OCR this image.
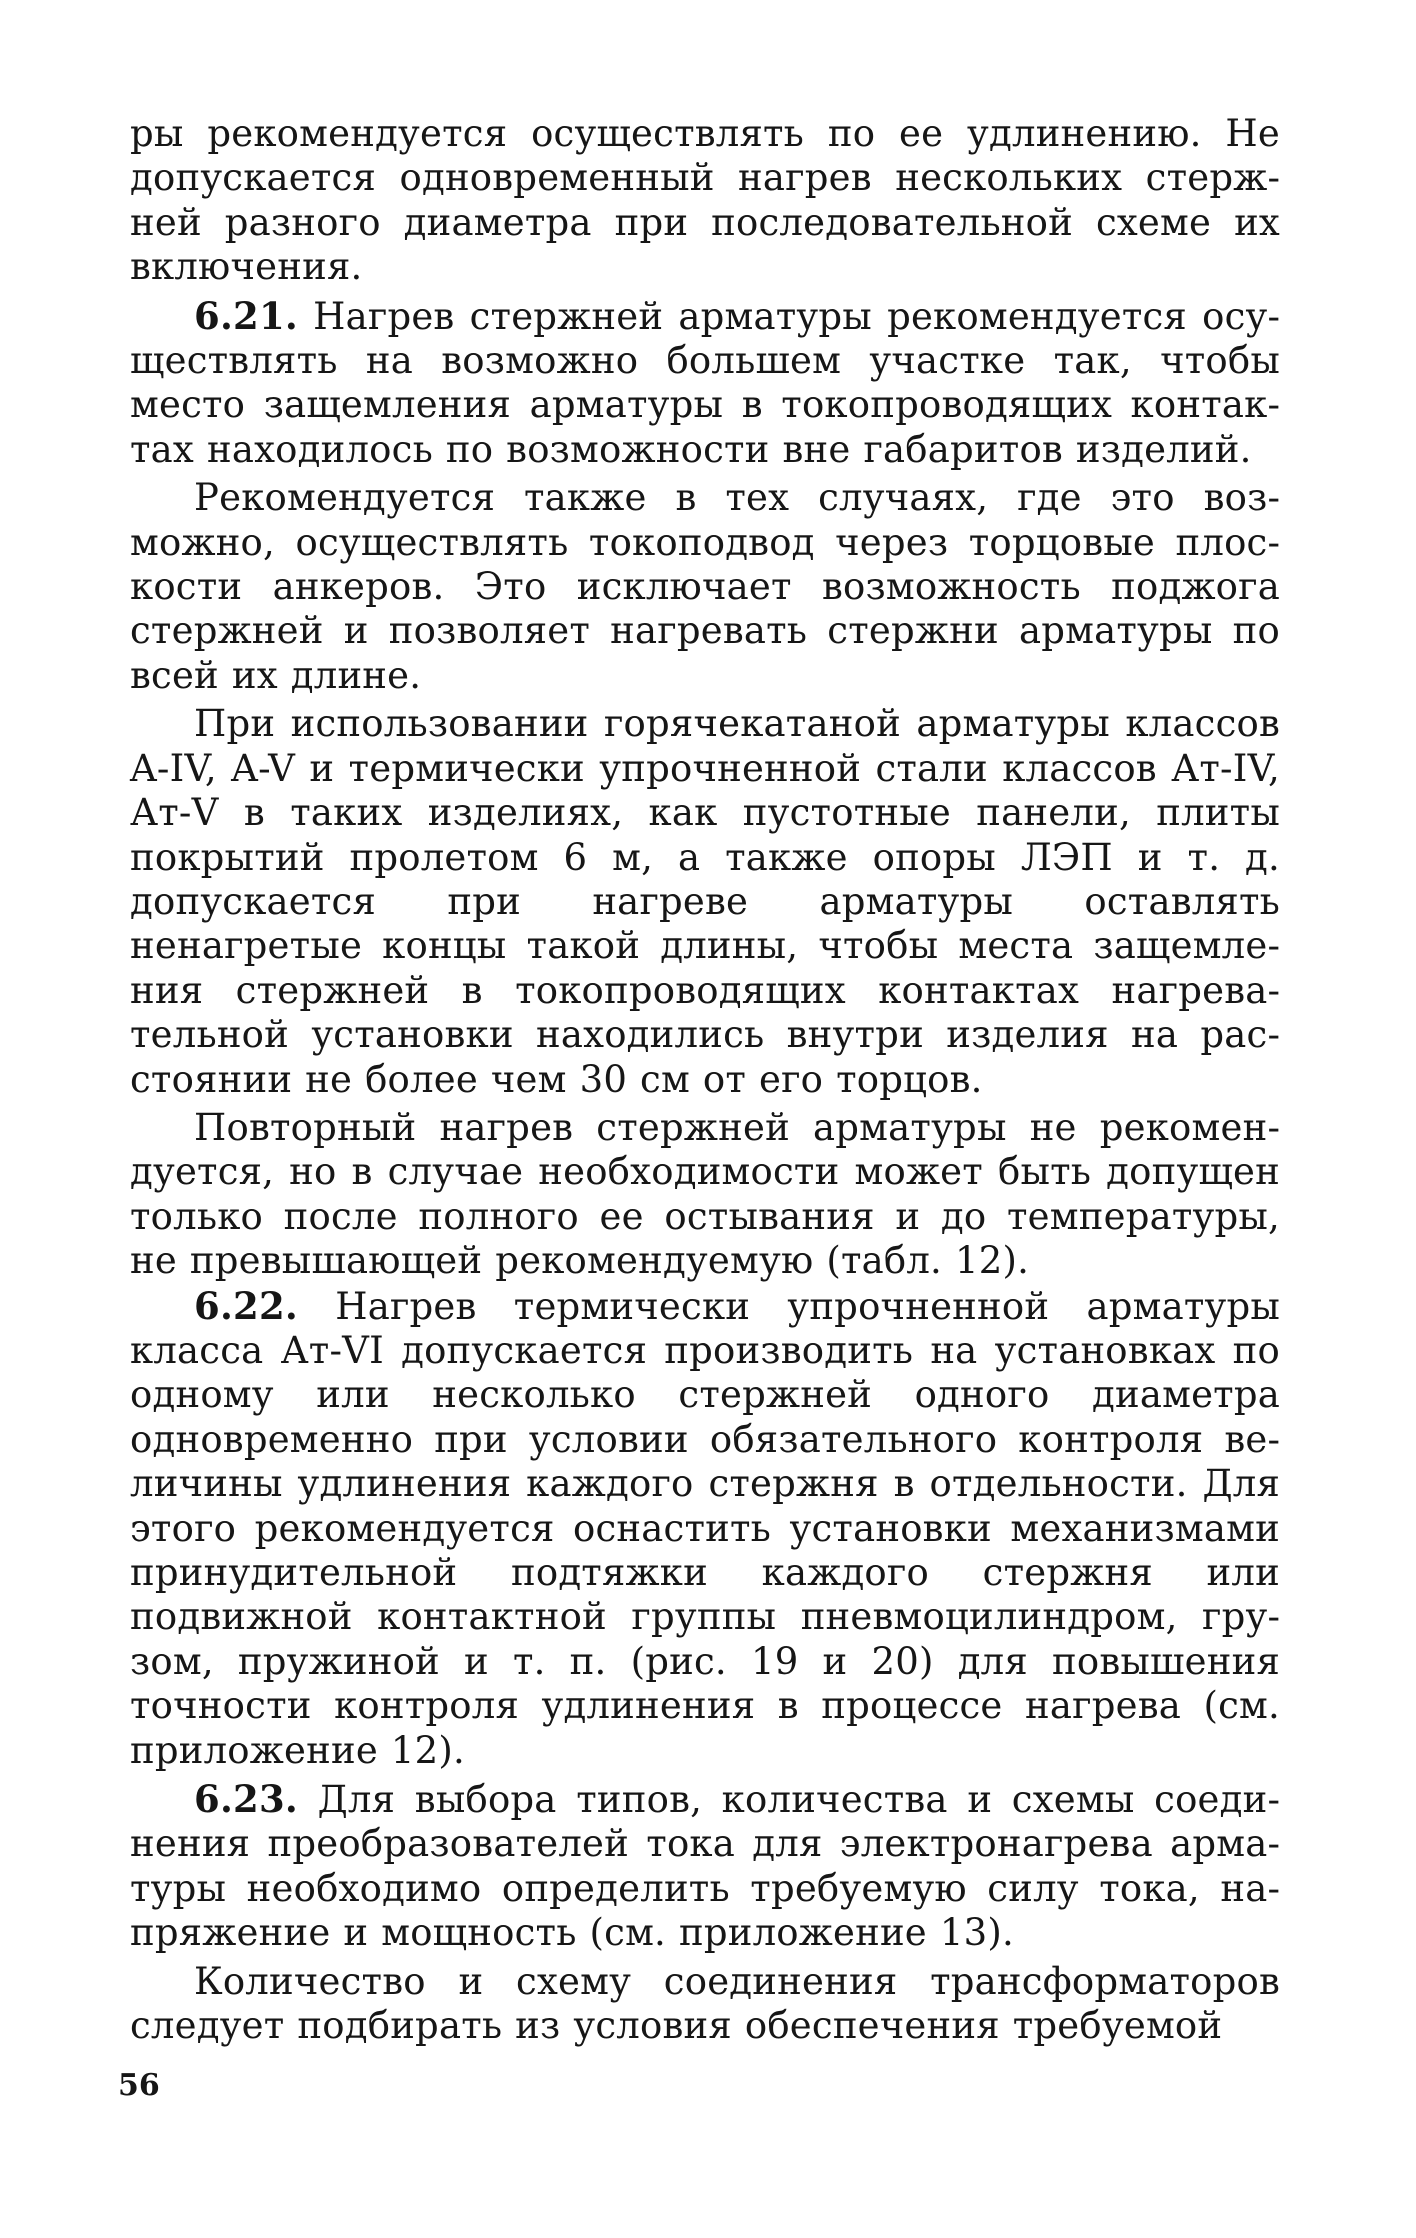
ры рекомендуется осуществлять по ее удлинению. Не допускается одновременный нагрев нескольких стержней разного диаметра при последовательной схеме их включения.

6.21. Нагрев стержней арматуры рекомендуется осуществлять на возможно большем участке так, чтобы место защемления арматуры в токопроводящих контактах находилось по возможности вне габаритов изделий.

Рекомендуется также в тех случаях, где это возможно, осуществлять токоподвод через торцовые плоскости анкеров. Это исключает возможность поджога стержней и позволяет нагревать стержни арматуры по всей их длине.

При использовании горячекатаной арматуры классов A-IV, A-V и термически упрочненной стали классов Ат-IV, Ат-V в таких изделиях, как пустотные панели, плиты покрытий пролетом 6 м, а также опоры ЛЭП и т. д. допускается при нагреве арматуры оставлять ненагретые концы такой длины, чтобы места защемления стержней в токопроводящих контактах нагревательной установки находились внутри изделия на расстоянии не более чем 30 см от его торцов.

Повторный нагрев стержней арматуры не рекомендуется, но в случае необходимости может быть допущен только после полного ее остывания и до температуры, не превышающей рекомендуемую (табл. 12).

6.22. Нагрев термически упрочненной арматуры класса Ат-VI допускается производить на установках по одному или несколько стержней одного диаметра одновременно при условии обязательного контроля величины удлинения каждого стержня в отдельности. Для этого рекомендуется оснастить установки механизмами принудительной подтяжки каждого стержня или подвижной контактной группы пневмоцилиндром, грузом, пружиной и т. п. (рис. 19 и 20) для повышения точности контроля удлинения в процессе нагрева (см. приложение 12).

6.23. Для выбора типов, количества и схемы соединения преобразователей тока для электронагрева арматуры необходимо определить требуемую силу тока, напряжение и мощность (см. приложение 13).

Количество и схему соединения трансформаторов следует подбирать из условия обеспечения требуемой

56
